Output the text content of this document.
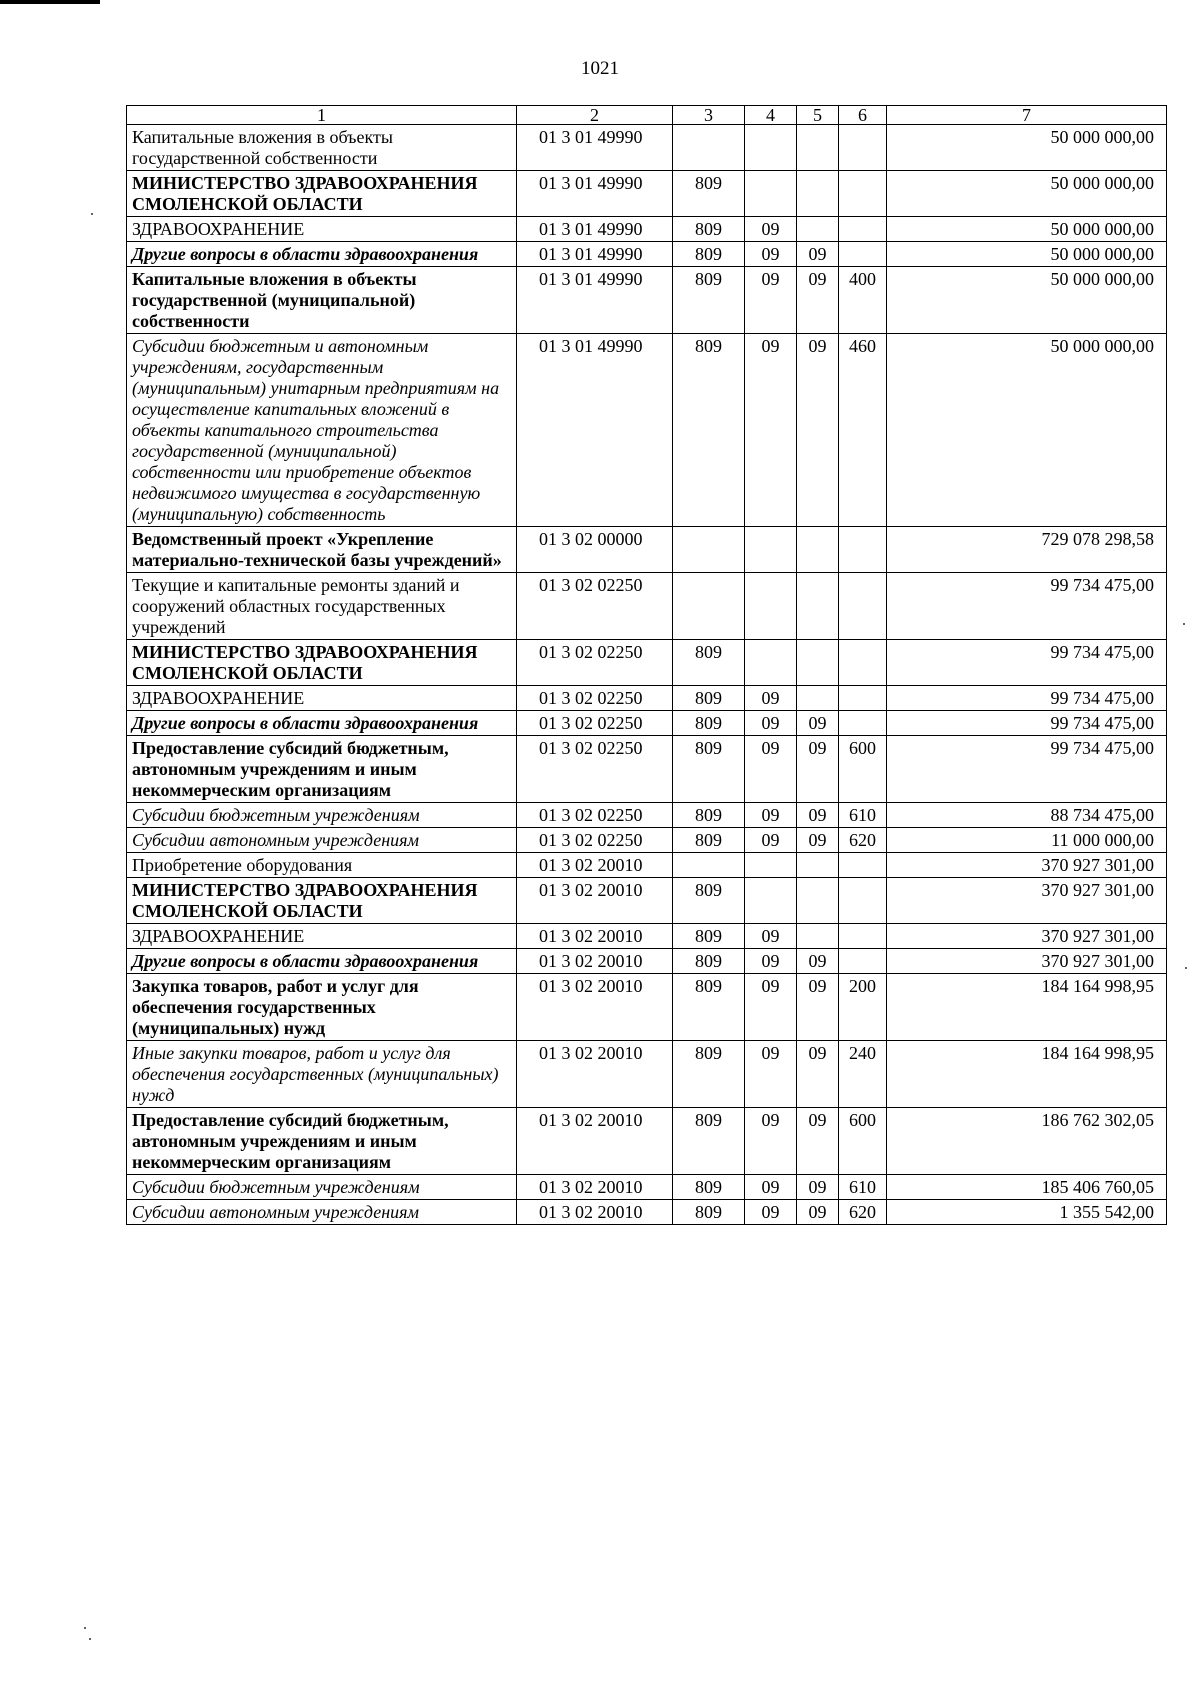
1021
1	2	3	4	5	6	7
Капитальные вложения в объекты государственной собственности	01 3 01 49990					50 000 000,00
МИНИСТЕРСТВО ЗДРАВООХРАНЕНИЯ СМОЛЕНСКОЙ ОБЛАСТИ	01 3 01 49990	809				50 000 000,00
ЗДРАВООХРАНЕНИЕ	01 3 01 49990	809	09			50 000 000,00
Другие вопросы в области здравоохранения	01 3 01 49990	809	09	09		50 000 000,00
Капитальные вложения в объекты государственной (муниципальной) собственности	01 3 01 49990	809	09	09	400	50 000 000,00
Субсидии бюджетным и автономным учреждениям, государственным (муниципальным) унитарным предприятиям на осуществление капитальных вложений в объекты капитального строительства государственной (муниципальной) собственности или приобретение объектов недвижимого имущества в государственную (муниципальную) собственность	01 3 01 49990	809	09	09	460	50 000 000,00
Ведомственный проект «Укрепление материально-технической базы учреждений»	01 3 02 00000					729 078 298,58
Текущие и капитальные ремонты зданий и сооружений областных государственных учреждений	01 3 02 02250					99 734 475,00
МИНИСТЕРСТВО ЗДРАВООХРАНЕНИЯ СМОЛЕНСКОЙ ОБЛАСТИ	01 3 02 02250	809				99 734 475,00
ЗДРАВООХРАНЕНИЕ	01 3 02 02250	809	09			99 734 475,00
Другие вопросы в области здравоохранения	01 3 02 02250	809	09	09		99 734 475,00
Предоставление субсидий бюджетным, автономным учреждениям и иным некоммерческим организациям	01 3 02 02250	809	09	09	600	99 734 475,00
Субсидии бюджетным учреждениям	01 3 02 02250	809	09	09	610	88 734 475,00
Субсидии автономным учреждениям	01 3 02 02250	809	09	09	620	11 000 000,00
Приобретение оборудования	01 3 02 20010					370 927 301,00
МИНИСТЕРСТВО ЗДРАВООХРАНЕНИЯ СМОЛЕНСКОЙ ОБЛАСТИ	01 3 02 20010	809				370 927 301,00
ЗДРАВООХРАНЕНИЕ	01 3 02 20010	809	09			370 927 301,00
Другие вопросы в области здравоохранения	01 3 02 20010	809	09	09		370 927 301,00
Закупка товаров, работ и услуг для обеспечения государственных (муниципальных) нужд	01 3 02 20010	809	09	09	200	184 164 998,95
Иные закупки товаров, работ и услуг для обеспечения государственных (муниципальных) нужд	01 3 02 20010	809	09	09	240	184 164 998,95
Предоставление субсидий бюджетным, автономным учреждениям и иным некоммерческим организациям	01 3 02 20010	809	09	09	600	186 762 302,05
Субсидии бюджетным учреждениям	01 3 02 20010	809	09	09	610	185 406 760,05
Субсидии автономным учреждениям	01 3 02 20010	809	09	09	620	1 355 542,00
